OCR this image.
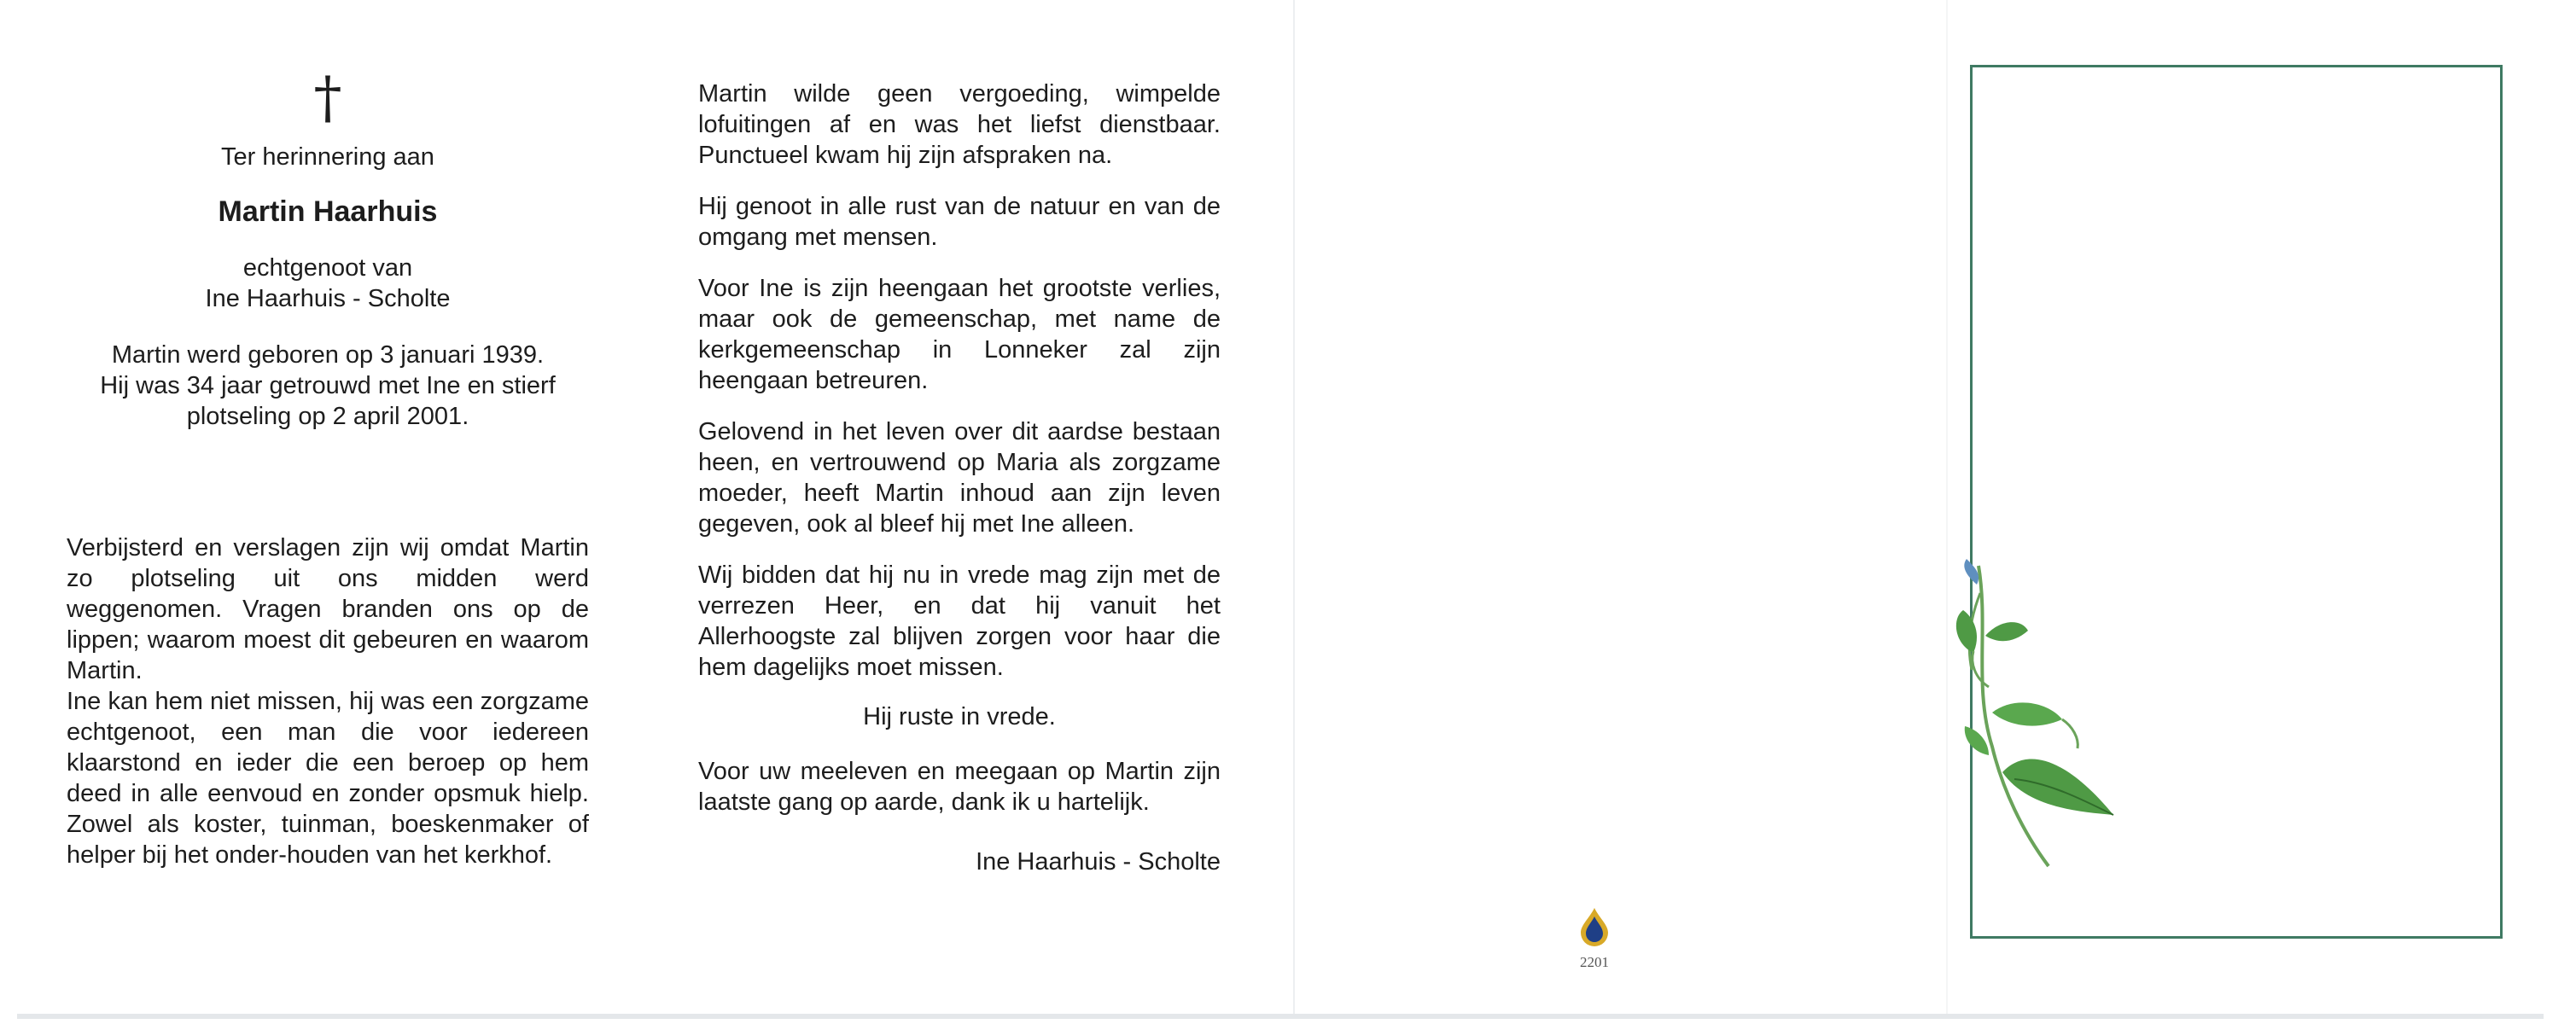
†
Ter herinnering aan
Martin Haarhuis
echtgenoot van
Ine Haarhuis - Scholte
Martin werd geboren op 3 januari 1939.
Hij was 34 jaar getrouwd met Ine en stierf
plotseling op 2 april 2001.
Verbijsterd en verslagen zijn wij omdat Martin zo plotseling uit ons midden werd weggenomen. Vragen branden ons op de lippen; waarom moest dit gebeuren en waarom Martin.
Ine kan hem niet missen, hij was een zorgzame echtgenoot, een man die voor iedereen klaarstond en ieder die een beroep op hem deed in alle eenvoud en zonder opsmuk hielp. Zowel als koster, tuinman, boeskenmaker of helper bij het onder-houden van het kerkhof.

Martin wilde geen vergoeding, wimpelde lofuitingen af en was het liefst dienstbaar. Punctueel kwam hij zijn afspraken na.

Hij genoot in alle rust van de natuur en van de omgang met mensen.

Voor Ine is zijn heengaan het grootste verlies, maar ook de gemeenschap, met name de kerkgemeenschap in Lonneker zal zijn heengaan betreuren.

Gelovend in het leven over dit aardse bestaan heen, en vertrouwend op Maria als zorgzame moeder, heeft Martin inhoud aan zijn leven gegeven, ook al bleef hij met Ine alleen.

Wij bidden dat hij nu in vrede mag zijn met de verrezen Heer, en dat hij vanuit het Allerhoogste zal blijven zorgen voor haar die hem dagelijks moet missen.

Hij ruste in vrede.

Voor uw meeleven en meegaan op Martin zijn laatste gang op aarde, dank ik u hartelijk.

Ine Haarhuis - Scholte
2201
